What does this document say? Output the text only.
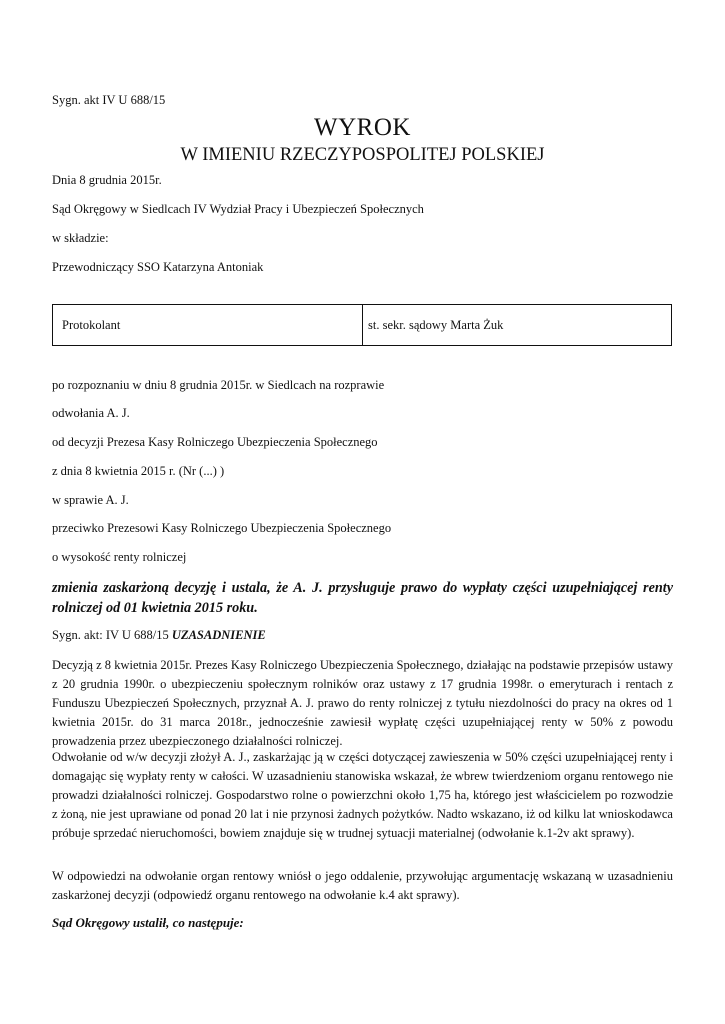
Sygn. akt IV U 688/15
WYROK
W IMIENIU RZECZYPOSPOLITEJ POLSKIEJ
Dnia 8 grudnia 2015r.
Sąd Okręgowy w Siedlcach IV Wydział Pracy i Ubezpieczeń Społecznych
w składzie:
Przewodniczący SSO Katarzyna Antoniak
Protokolant	st. sekr. sądowy Marta Żuk
po rozpoznaniu w dniu 8 grudnia 2015r. w Siedlcach na rozprawie
odwołania A. J.
od decyzji Prezesa Kasy Rolniczego Ubezpieczenia Społecznego
z dnia 8 kwietnia 2015 r. (Nr (...) )
w sprawie A. J.
przeciwko Prezesowi Kasy Rolniczego Ubezpieczenia Społecznego
o wysokość renty rolniczej
zmienia zaskarżoną decyzję i ustala, że A. J. przysługuje prawo do wypłaty części uzupełniającej renty rolniczej od 01 kwietnia 2015 roku.
Sygn. akt: IV U 688/15 UZASADNIENIE
Decyzją z 8 kwietnia 2015r. Prezes Kasy Rolniczego Ubezpieczenia Społecznego, działając na podstawie przepisów ustawy z 20 grudnia 1990r. o ubezpieczeniu społecznym rolników oraz ustawy z 17 grudnia 1998r. o emeryturach i rentach z Funduszu Ubezpieczeń Społecznych, przyznał A. J. prawo do renty rolniczej z tytułu niezdolności do pracy na okres od 1 kwietnia 2015r. do 31 marca 2018r., jednocześnie zawiesił wypłatę części uzupełniającej renty w 50% z powodu prowadzenia przez ubezpieczonego działalności rolniczej.
Odwołanie od w/w decyzji złożył A. J., zaskarżając ją w części dotyczącej zawieszenia w 50% części uzupełniającej renty i domagając się wypłaty renty w całości. W uzasadnieniu stanowiska wskazał, że wbrew twierdzeniom organu rentowego nie prowadzi działalności rolniczej. Gospodarstwo rolne o powierzchni około 1,75 ha, którego jest właścicielem po rozwodzie z żoną, nie jest uprawiane od ponad 20 lat i nie przynosi żadnych pożytków. Nadto wskazano, iż od kilku lat wnioskodawca próbuje sprzedać nieruchomości, bowiem znajduje się w trudnej sytuacji materialnej (odwołanie k.1-2v akt sprawy).
W odpowiedzi na odwołanie organ rentowy wniósł o jego oddalenie, przywołując argumentację wskazaną w uzasadnieniu zaskarżonej decyzji (odpowiedź organu rentowego na odwołanie k.4 akt sprawy).
Sąd Okręgowy ustalił, co następuje:
